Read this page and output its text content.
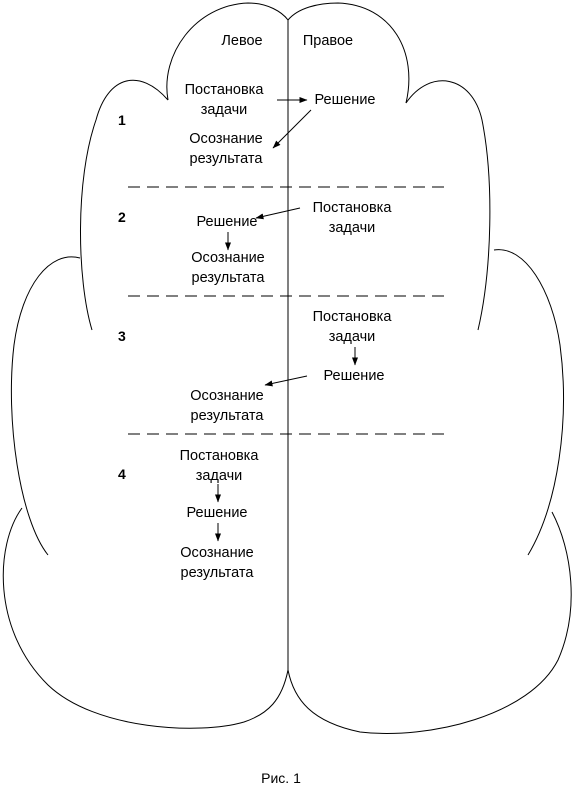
Левое	Правое
1
2
3
4
Постановка
задачи
Решение
Осознание
результата
Постановка
задачи
Решение
Осознание
результата
Постановка
задачи
Решение
Осознание
результата
Постановка
задачи
Решение
Осознание
результата
Рис. 1
